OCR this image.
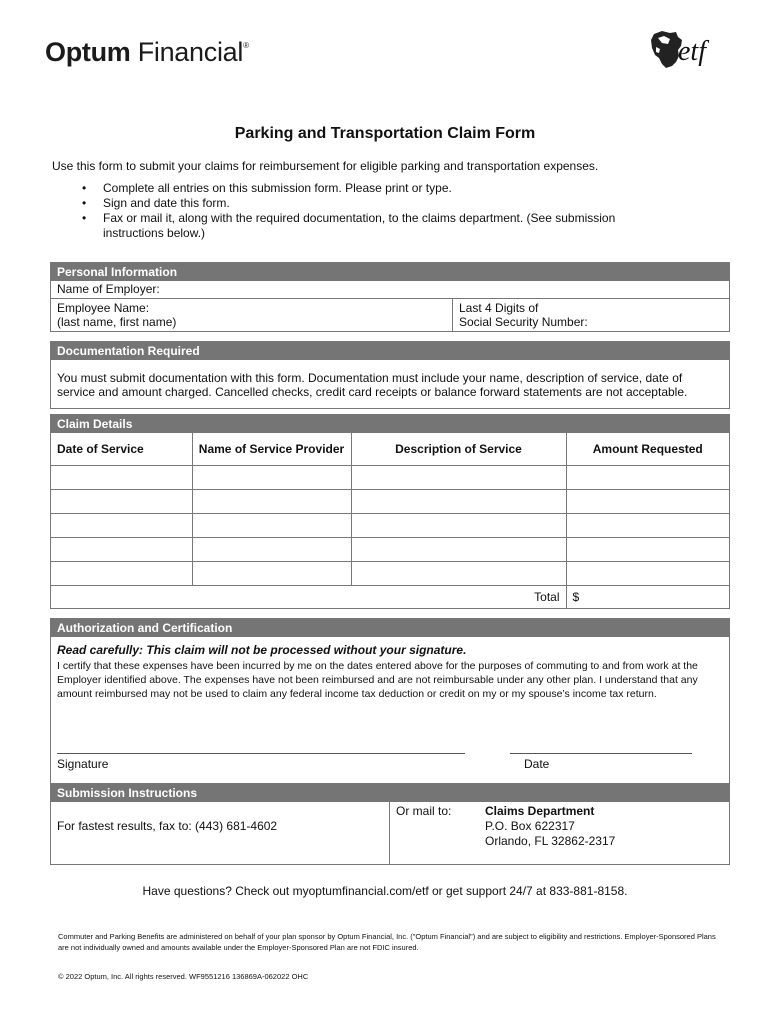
Optum Financial®	etf
Parking and Transportation Claim Form
Use this form to submit your claims for reimbursement for eligible parking and transportation expenses.
• Complete all entries on this submission form. Please print or type.
• Sign and date this form.
• Fax or mail it, along with the required documentation, to the claims department. (See submission instructions below.)
Personal Information
Name of Employer:
Employee Name:
(last name, first name)
Last 4 Digits of
Social Security Number:
Documentation Required
You must submit documentation with this form. Documentation must include your name, description of service, date of service and amount charged. Cancelled checks, credit card receipts or balance forward statements are not acceptable.
Claim Details
Date of Service	Name of Service Provider	Description of Service	Amount Requested

Total			$
Authorization and Certification
Read carefully: This claim will not be processed without your signature.
I certify that these expenses have been incurred by me on the dates entered above for the purposes of commuting to and from work at the Employer identified above. The expenses have not been reimbursed and are not reimbursable under any other plan. I understand that any amount reimbursed may not be used to claim any federal income tax deduction or credit on my or my spouse’s income tax return.
Signature	Date
Submission Instructions
For fastest results, fax to: (443) 681-4602
Or mail to:	Claims Department
P.O. Box 622317
Orlando, FL 32862-2317
Have questions? Check out myoptumfinancial.com/etf or get support 24/7 at 833-881-8158.
Commuter and Parking Benefits are administered on behalf of your plan sponsor by Optum Financial, Inc. ("Optum Financial") and are subject to eligibility and restrictions. Employer-Sponsored Plans are not individually owned and amounts available under the Employer-Sponsored Plan are not FDIC insured.
© 2022 Optum, Inc. All rights reserved. WF9551216 136869A-062022 OHC
